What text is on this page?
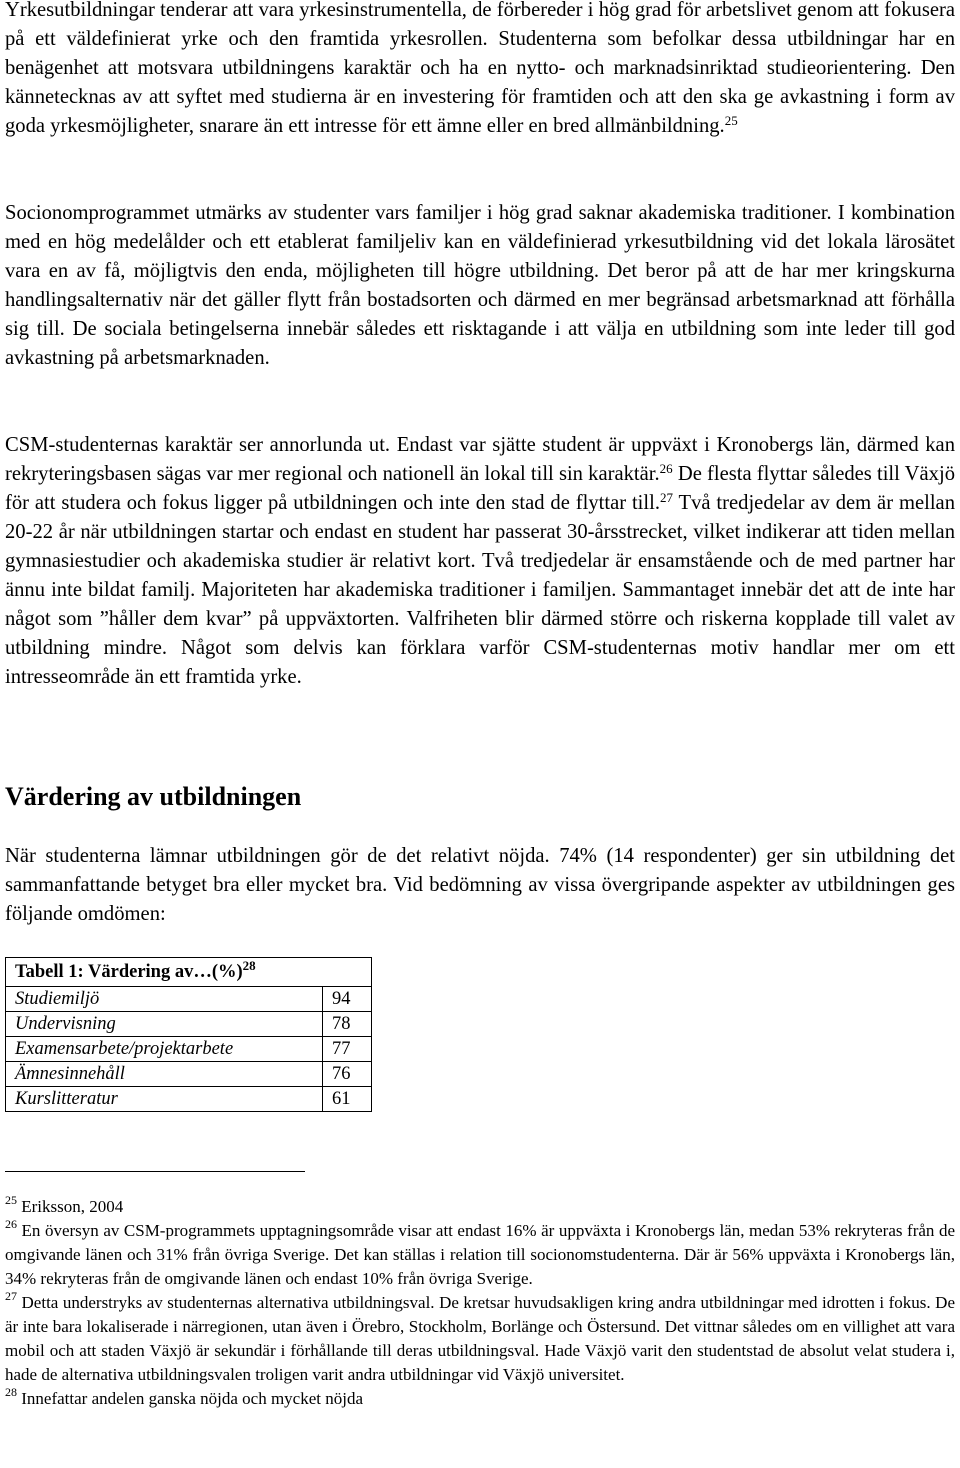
Yrkesutbildningar tenderar att vara yrkesinstrumentella, de förbereder i hög grad för arbetslivet genom att fokusera på ett väldefinierat yrke och den framtida yrkesrollen. Studenterna som befolkar dessa utbildningar har en benägenhet att motsvara utbildningens karaktär och ha en nytto- och marknadsinriktad studieorientering. Den kännetecknas av att syftet med studierna är en investering för framtiden och att den ska ge avkastning i form av goda yrkesmöjligheter, snarare än ett intresse för ett ämne eller en bred allmänbildning.$^{25}$

Socionomprogrammet utmärks av studenter vars familjer i hög grad saknar akademiska traditioner. I kombination med en hög medelålder och ett etablerat familjeliv kan en väldefinierad yrkesutbildning vid det lokala lärosätet vara en av få, möjligtvis den enda, möjligheten till högre utbildning. Det beror på att de har mer kringskurna handlingsalternativ när det gäller flytt från bostadsorten och därmed en mer begränsad arbetsmarknad att förhålla sig till. De sociala betingelserna innebär således ett risktagande i att välja en utbildning som inte leder till god avkastning på arbetsmarknaden.

CSM-studenternas karaktär ser annorlunda ut. Endast var sjätte student är uppväxt i Kronobergs län, därmed kan rekryteringsbasen sägas var mer regional och nationell än lokal till sin karaktär.$^{26}$ De flesta flyttar således till Växjö för att studera och fokus ligger på utbildningen och inte den stad de flyttar till.$^{27}$ Två tredjedelar av dem är mellan 20-22 år när utbildningen startar och endast en student har passerat 30-årsstrecket, vilket indikerar att tiden mellan gymnasiestudier och akademiska studier är relativt kort. Två tredjedelar är ensamstående och de med partner har ännu inte bildat familj. Majoriteten har akademiska traditioner i familjen. Sammantaget innebär det att de inte har något som ”håller dem kvar” på uppväxtorten. Valfriheten blir därmed större och riskerna kopplade till valet av utbildning mindre. Något som delvis kan förklara varför CSM-studenternas motiv handlar mer om ett intresseområde än ett framtida yrke.

Värdering av utbildningen

När studenterna lämnar utbildningen gör de det relativt nöjda. 74% (14 respondenter) ger sin utbildning det sammanfattande betyget bra eller mycket bra. Vid bedömning av vissa övergripande aspekter av utbildningen ges följande omdömen:

Tabell 1: Värdering av…(%)$^{28}$
Studiemiljö	94
Undervisning	78
Examensarbete/projektarbete	77
Ämnesinnehåll	76
Kurslitteratur	61

$^{25}$ Eriksson, 2004

$^{26}$ En översyn av CSM-programmets upptagningsområde visar att endast 16% är uppväxta i Kronobergs län, medan 53% rekryteras från de omgivande länen och 31% från övriga Sverige. Det kan ställas i relation till socionomstudenterna. Där är 56% uppväxta i Kronobergs län, 34% rekryteras från de omgivande länen och endast 10% från övriga Sverige.

$^{27}$ Detta understryks av studenternas alternativa utbildningsval. De kretsar huvudsakligen kring andra utbildningar med idrotten i fokus. De är inte bara lokaliserade i närregionen, utan även i Örebro, Stockholm, Borlänge och Östersund. Det vittnar således om en villighet att vara mobil och att staden Växjö är sekundär i förhållande till deras utbildningsval. Hade Växjö varit den studentstad de absolut velat studera i, hade de alternativa utbildningsvalen troligen varit andra utbildningar vid Växjö universitet.

$^{28}$ Innefattar andelen ganska nöjda och mycket nöjda
